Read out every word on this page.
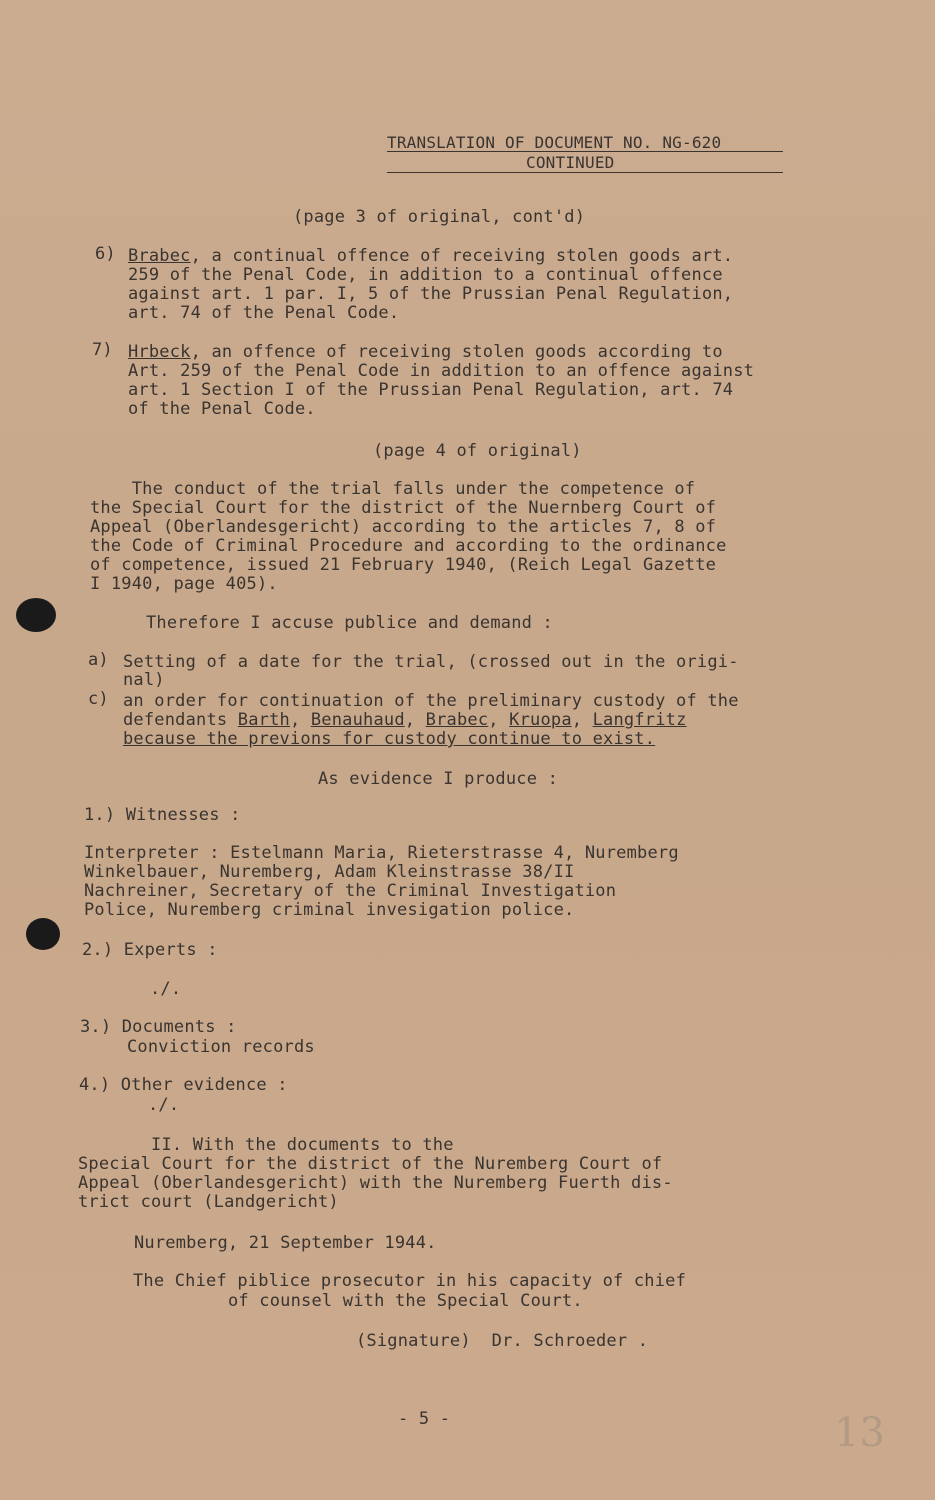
TRANSLATION OF DOCUMENT NO. NG-620
CONTINUED
(page 3 of original, cont'd)
6) Brabec, a continual offence of receiving stolen goods art.
259 of the Penal Code, in addition to a continual offence
against art. 1 par. I, 5 of the Prussian Penal Regulation,
art. 74 of the Penal Code.
7) Hrbeck, an offence of receiving stolen goods according to
Art. 259 of the Penal Code in addition to an offence against
art. 1 Section I of the Prussian Penal Regulation, art. 74
of the Penal Code.
(page 4 of original)
The conduct of the trial falls under the competence of
the Special Court for the district of the Nuernberg Court of
Appeal (Oberlandesgericht) according to the articles 7, 8 of
the Code of Criminal Procedure and according to the ordinance
of competence, issued 21 February 1940, (Reich Legal Gazette
I 1940, page 405).
Therefore I accuse publice and demand :
a) Setting of a date for the trial, (crossed out in the origi-
nal)
c) an order for continuation of the preliminary custody of the
defendants Barth, Benauhaud, Brabec, Kruopa, Langfritz
because the previons for custody continue to exist.
As evidence I produce :
1.) Witnesses :
Interpreter : Estelmann Maria, Rieterstrasse 4, Nuremberg
Winkelbauer, Nuremberg, Adam Kleinstrasse 38/II
Nachreiner, Secretary of the Criminal Investigation
Police, Nuremberg criminal invesigation police.
2.) Experts :
./.
3.) Documents :
Conviction records
4.) Other evidence :
./.
II. With the documents to the
Special Court for the district of the Nuremberg Court of
Appeal (Oberlandesgericht) with the Nuremberg Fuerth dis-
trict court (Landgericht)
Nuremberg, 21 September 1944.
The Chief piblice prosecutor in his capacity of chief
of counsel with the Special Court.
(Signature)  Dr. Schroeder .
- 5 -	13
